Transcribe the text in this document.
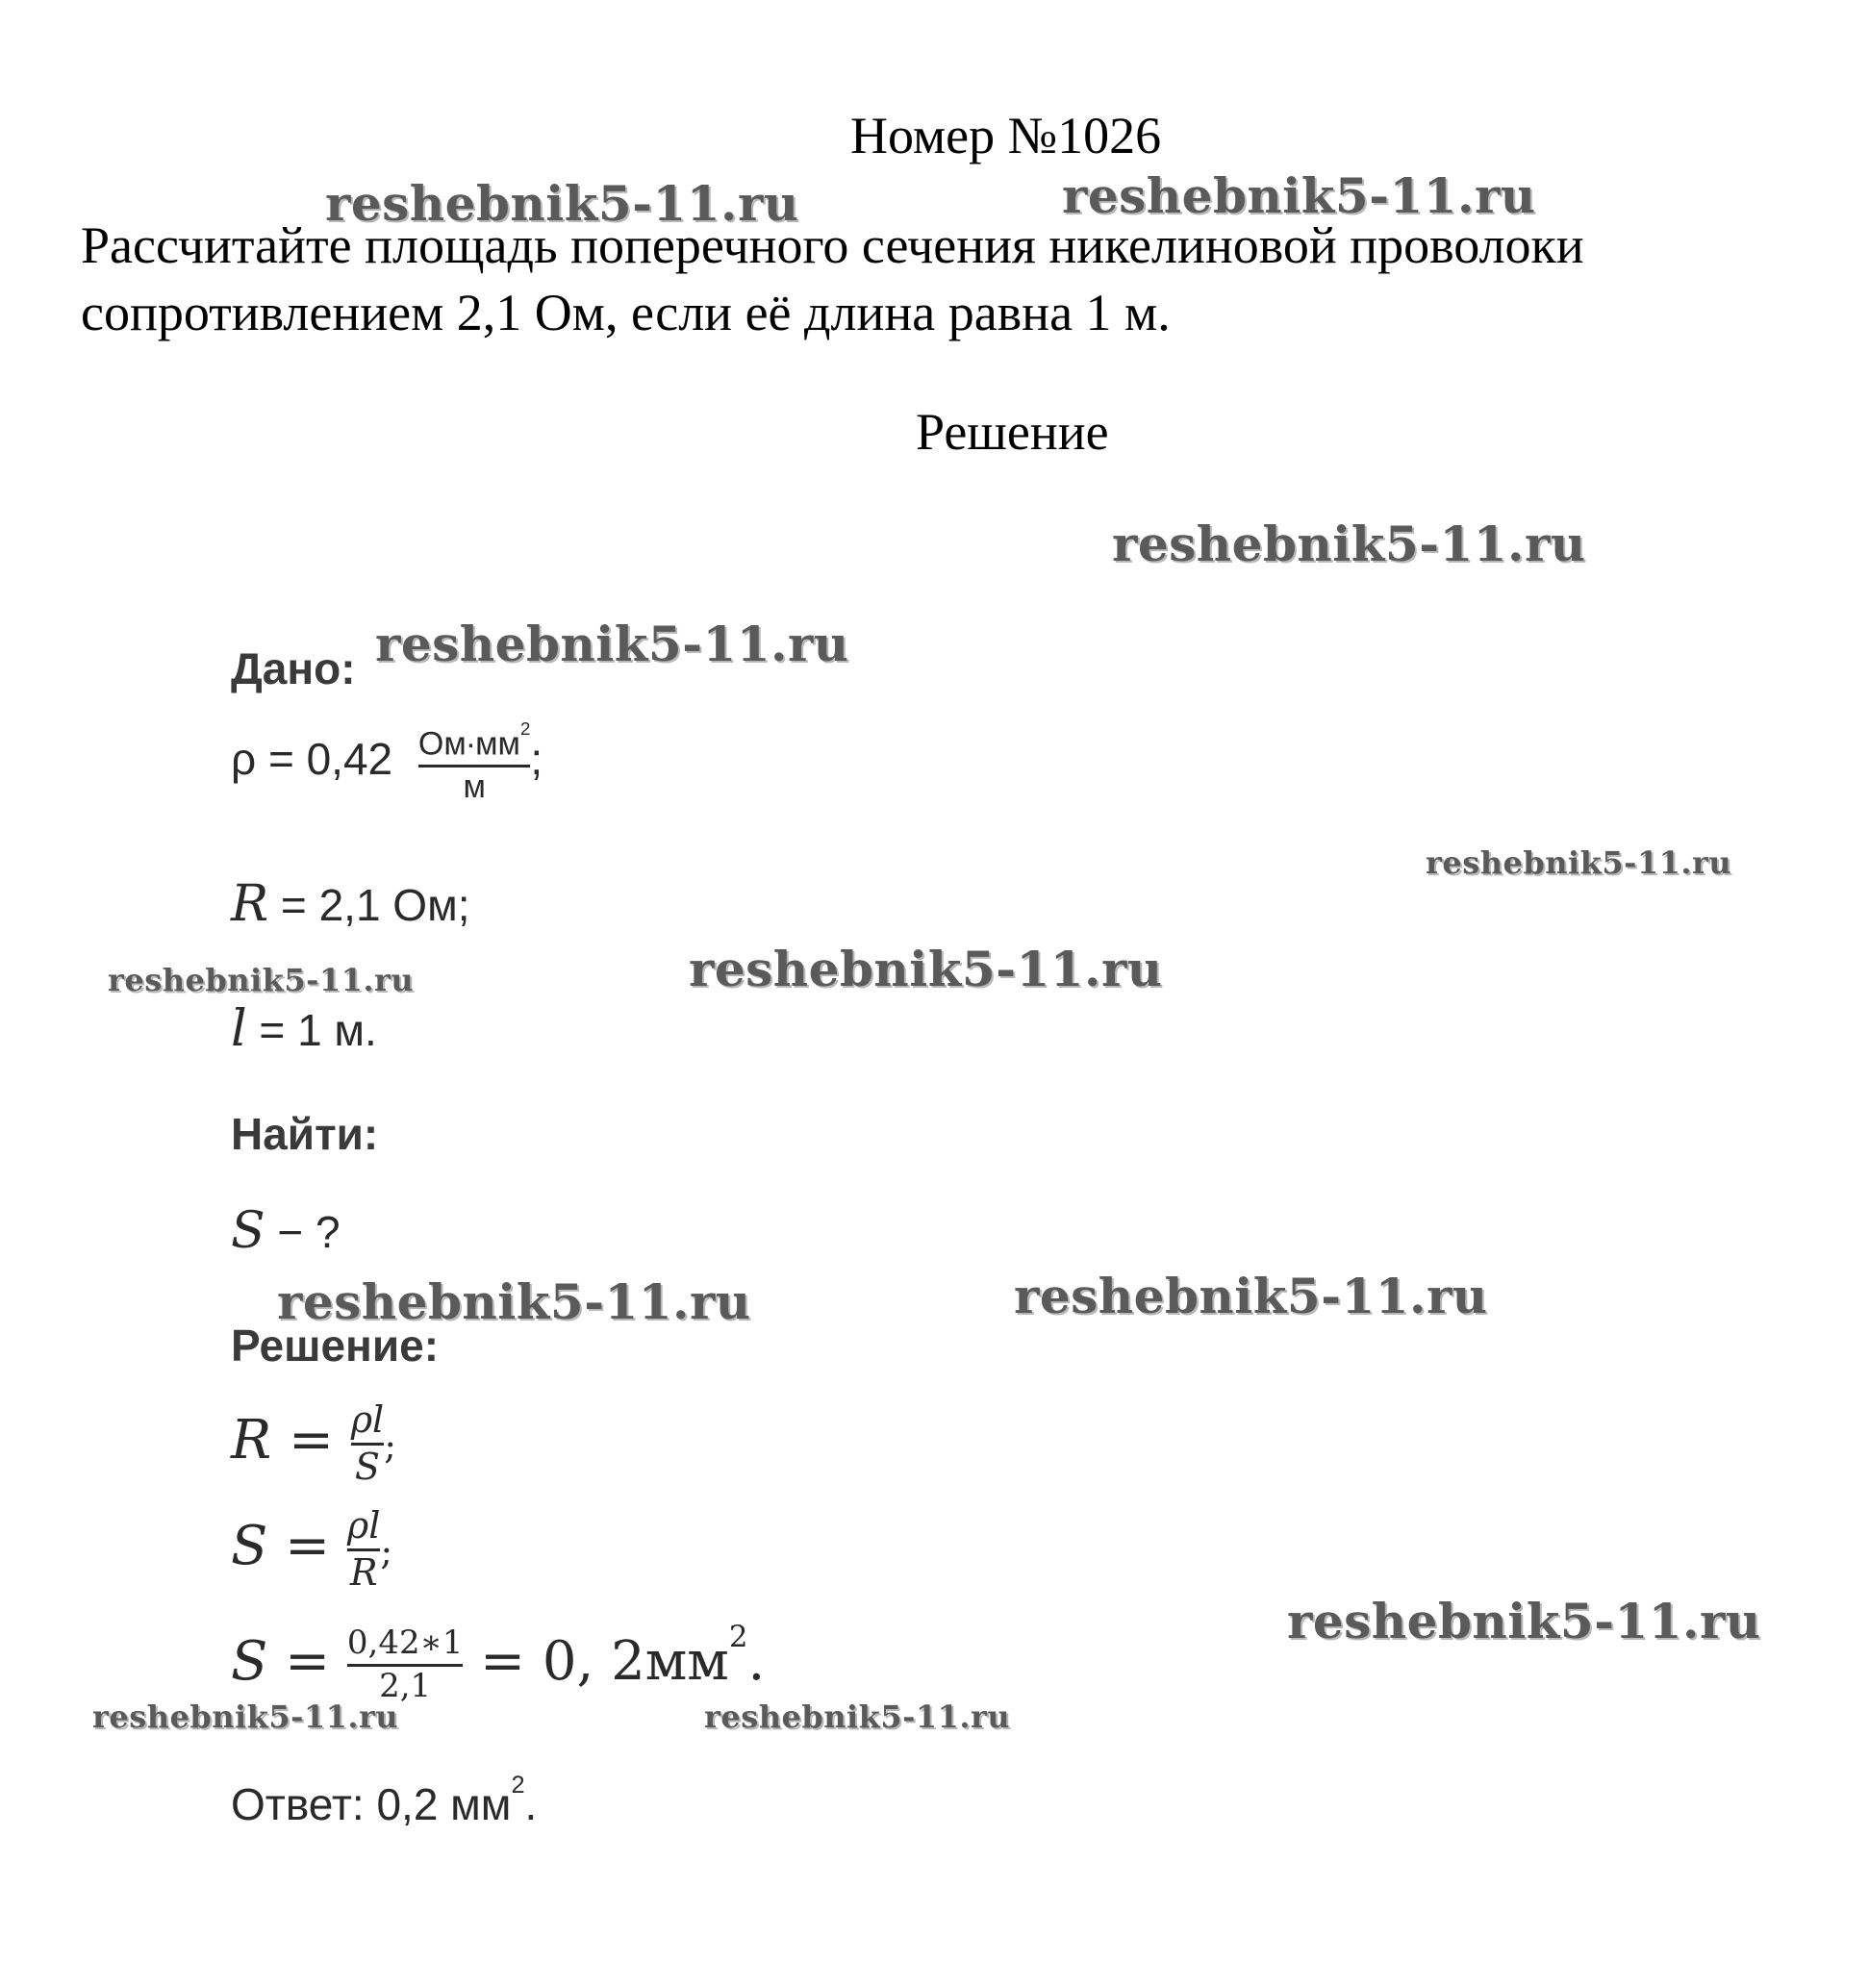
Номер №1026
Рассчитайте площадь поперечного сечения никелиновой проволоки
сопротивлением 2,1 Ом, если её длина равна 1 м.
Решение
Дано:
$\rho = 0,42 \frac{Ом\cdot мм^2}{м}$ ;
R = 2,1 Ом;
l = 1 м.
Найти:
S − ?
Решение:
$R = \frac{\rho l}{S}$ ;
$S = \frac{\rho l}{R}$ ;
$S = \frac{0,42∗1}{2,1} = 0$, $2мм^2$.
Ответ: 0,2 $мм^2$.
reshebnik5-11.ru	reshebnik5-11.ru
reshebnik5-11.ru
reshebnik5-11.ru
reshebnik5-11.ru
reshebnik5-11.ru	reshebnik5-11.ru
reshebnik5-11.ru	reshebnik5-11.ru
reshebnik5-11.ru
reshebnik5-11.ru	reshebnik5-11.ru
